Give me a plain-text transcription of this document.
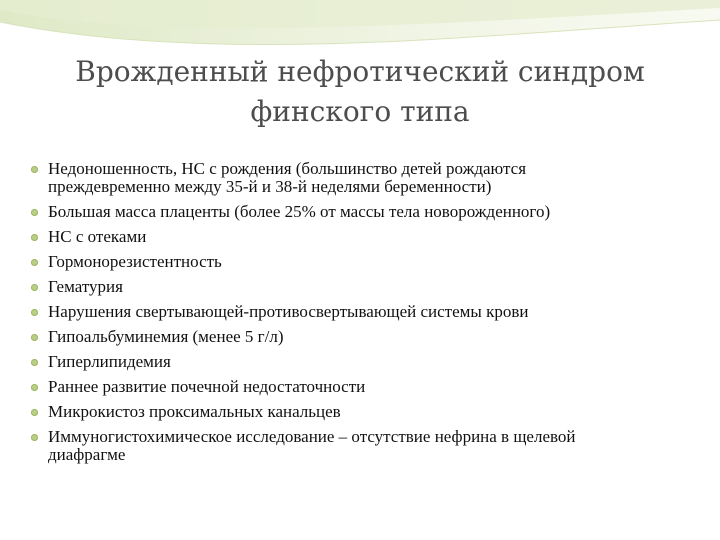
Врожденный нефротический синдром
финского типа
Недоношенность, НС с рождения (большинство детей рождаются
преждевременно между 35-й и 38-й неделями беременности)
Большая масса плаценты (более 25% от массы тела новорожденного)
НС с отеками
Гормонорезистентность
Гематурия
Нарушения свертывающей-противосвертывающей системы крови
Гипоальбуминемия (менее 5 г/л)
Гиперлипидемия
Раннее развитие почечной недостаточности
Микрокистоз проксимальных канальцев
Иммуногистохимическое исследование – отсутствие нефрина в щелевой
диафрагме
